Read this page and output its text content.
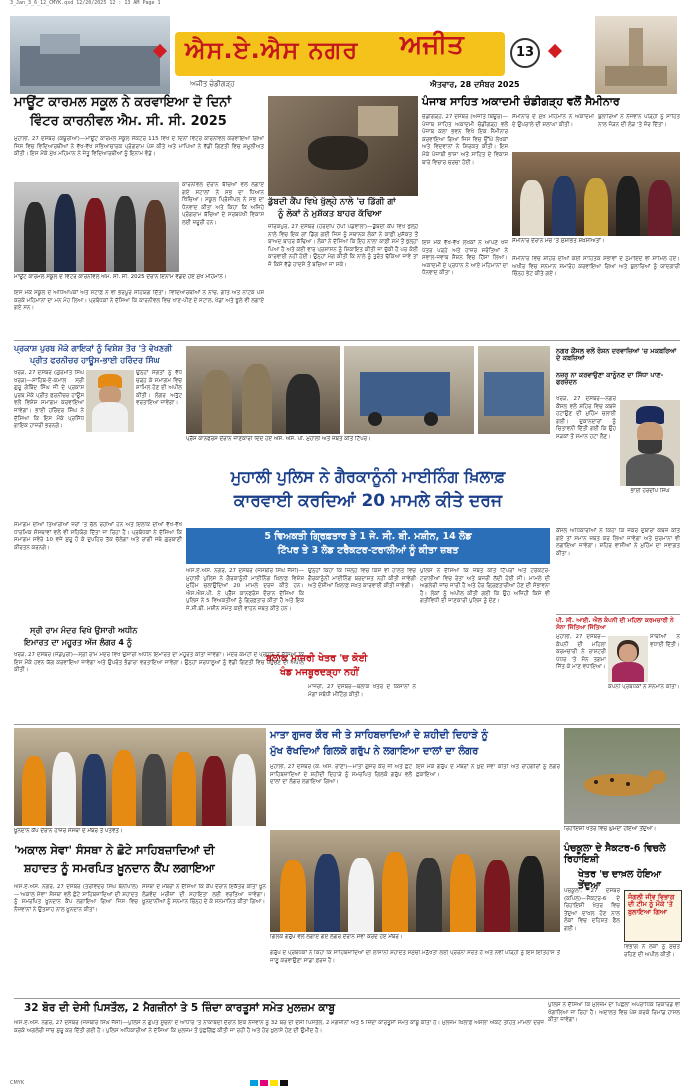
3_Jan_3_6_12_CMYK.qxd 12/20/2025 12 : 13 AM Page 1
ਐਸ.ਏ.ਐਸ ਨਗਰ ਅਜੀਤ	13
ਅਜੀਤ ਚੰਡੀਗੜ੍ਹ	ਐਤਵਾਰ, 28 ਦਸੰਬਰ 2025
ਮਾਊਂਟ ਕਾਰਮਲ ਸਕੂਲ ਨੇ ਕਰਵਾਇਆ ਦੋ ਦਿਨਾਂ
ਵਿੰਟਰ ਕਾਰਨੀਵਲ ਐਮ. ਸੀ. ਸੀ. 2025
ਮੁਹਾਲੀ, 27 ਦਸੰਬਰ (ਕਥੂਰੀਆ)—ਮਾਊਂਟ ਕਾਰਮਲ ਸਕੂਲ ਸੈਕਟਰ 115 ਵਿਖੇ ਦੋ ਦਿਨਾਂ ਵਿੰਟਰ ਕਾਰਨੀਵਲ ਕਰਵਾਇਆ ਗਿਆ ਜਿਸ ਵਿਚ ਵਿਦਿਆਰਥੀਆਂ ਨੇ ਵੱਖ-ਵੱਖ ਸਭਿਆਚਾਰਕ ਪ੍ਰੋਗਰਾਮ ਪੇਸ਼ ਕੀਤੇ ਅਤੇ ਮਾਪਿਆਂ ਨੇ ਵੱਡੀ ਗਿਣਤੀ ਵਿਚ ਸ਼ਮੂਲੀਅਤ ਕੀਤੀ। ਇਸ ਮੌਕੇ ਮੁੱਖ ਮਹਿਮਾਨ ਨੇ ਜੇਤੂ ਵਿਦਿਆਰਥੀਆਂ ਨੂੰ ਇਨਾਮ ਵੰਡੇ।
ਕਾਰਨੀਵਲ ਦੌਰਾਨ ਬੱਚਿਆਂ ਵਲੋਂ ਲਗਾਏ ਗਏ ਸਟਾਲਾਂ ਨੇ ਸਭ ਦਾ ਧਿਆਨ ਖਿੱਚਿਆ। ਸਕੂਲ ਪ੍ਰਿੰਸੀਪਲ ਨੇ ਸਭ ਦਾ ਧੰਨਵਾਦ ਕੀਤਾ ਅਤੇ ਕਿਹਾ ਕਿ ਅਜਿਹੇ ਪ੍ਰੋਗਰਾਮ ਬੱਚਿਆਂ ਦੇ ਸਰਬਪੱਖੀ ਵਿਕਾਸ ਲਈ ਜ਼ਰੂਰੀ ਹਨ।
ਮਾਊਂਟ ਕਾਰਮਲ ਸਕੂਲ ਦੇ ਵਿੰਟਰ ਕਾਰਨੀਵਲ ਐਮ. ਸੀ. ਸੀ. 2025 ਦੌਰਾਨ ਇਨਾਮ ਵੰਡਦੇ ਹੋਏ ਮੁੱਖ ਮਹਿਮਾਨ।
ਇਸ ਮੌਕੇ ਸਕੂਲ ਦੇ ਅਧਿਆਪਕਾਂ ਅਤੇ ਸਟਾਫ਼ ਨੇ ਵੀ ਭਰਪੂਰ ਸਹਿਯੋਗ ਦਿੱਤਾ। ਵਿਦਿਆਰਥੀਆਂ ਨੇ ਨਾਚ, ਗੀਤ ਅਤੇ ਨਾਟਕ ਪੇਸ਼ ਕਰਕੇ ਮਹਿਮਾਨਾਂ ਦਾ ਮਨ ਮੋਹ ਲਿਆ। ਪ੍ਰਬੰਧਕਾਂ ਨੇ ਦੱਸਿਆ ਕਿ ਕਾਰਨੀਵਲ ਵਿਚ ਖਾਣ-ਪੀਣ ਦੇ ਸਟਾਲ, ਖੇਡਾਂ ਅਤੇ ਝੂਲੇ ਵੀ ਲਗਾਏ ਗਏ ਸਨ।
ਡੁੱਬਦੀ ਕੈਂਪ ਵਿਖੇ ਖੁੱਲ੍ਹੇ ਨਾਲੇ 'ਚ ਡਿੱਗੀ ਗਾਂ
ਨੂੰ ਲੋਕਾਂ ਨੇ ਮੁਸ਼ੱਕਤ ਬਾਹਰ ਕੱਢਿਆ
ਜ਼ੀਰਕਪੁਰ, 27 ਦਸੰਬਰ (ਹਰਦੀਪ ਹੈਪੀ ਪੰਡਵਾਲਾ)—ਡੁੱਬਦੀ ਕੈਂਪ ਵਿਖੇ ਖੁੱਲ੍ਹੇ ਨਾਲੇ ਵਿਚ ਇਕ ਗਾਂ ਡਿੱਗ ਗਈ ਜਿਸ ਨੂੰ ਸਥਾਨਕ ਲੋਕਾਂ ਨੇ ਕਾਫ਼ੀ ਮੁਸ਼ੱਕਤ ਤੋਂ ਬਾਅਦ ਬਾਹਰ ਕੱਢਿਆ। ਲੋਕਾਂ ਨੇ ਦੱਸਿਆ ਕਿ ਇਹ ਨਾਲਾ ਕਾਫ਼ੀ ਸਮੇਂ ਤੋਂ ਖੁੱਲ੍ਹਾ ਪਿਆ ਹੈ ਅਤੇ ਕਈ ਵਾਰ ਪ੍ਰਸ਼ਾਸਨ ਨੂੰ ਸ਼ਿਕਾਇਤ ਕੀਤੀ ਜਾ ਚੁੱਕੀ ਹੈ ਪਰ ਕੋਈ ਕਾਰਵਾਈ ਨਹੀਂ ਹੋਈ। ਉਨ੍ਹਾਂ ਮੰਗ ਕੀਤੀ ਕਿ ਨਾਲੇ ਨੂੰ ਤੁਰੰਤ ਢੱਕਿਆ ਜਾਵੇ ਤਾਂ ਜੋ ਕਿਸੇ ਵੱਡੇ ਹਾਦਸੇ ਤੋਂ ਬਚਿਆ ਜਾ ਸਕੇ।
ਪੰਜਾਬ ਸਾਹਿਤ ਅਕਾਦਮੀ ਚੰਡੀਗੜ੍ਹ ਵਲੋਂ ਸੈਮੀਨਾਰ
ਚੰਡੀਗੜ੍ਹ, 27 ਦਸੰਬਰ (ਅਜੀਤ ਬਿਊਰੋ)—ਪੰਜਾਬ ਸਾਹਿਤ ਅਕਾਦਮੀ ਚੰਡੀਗੜ੍ਹ ਵਲੋਂ ਪੰਜਾਬ ਕਲਾ ਭਵਨ ਵਿਖੇ ਇਕ ਸੈਮੀਨਾਰ ਕਰਵਾਇਆ ਗਿਆ ਜਿਸ ਵਿਚ ਉੱਘੇ ਲੇਖਕਾਂ ਅਤੇ ਵਿਦਵਾਨਾਂ ਨੇ ਸ਼ਿਰਕਤ ਕੀਤੀ। ਇਸ ਮੌਕੇ ਪੰਜਾਬੀ ਭਾਸ਼ਾ ਅਤੇ ਸਾਹਿਤ ਦੇ ਵਿਕਾਸ ਬਾਰੇ ਵਿਚਾਰ ਚਰਚਾ ਹੋਈ।
ਸੈਮੀਨਾਰ ਦੇ ਮੁੱਖ ਮਹਿਮਾਨ ਨੇ ਅਕਾਦਮੀ ਦੇ ਉਪਰਾਲੇ ਦੀ ਸ਼ਲਾਘਾ ਕੀਤੀ।
ਬੁਲਾਰਿਆਂ ਨੇ ਨੌਜਵਾਨ ਪੀੜ੍ਹੀ ਨੂੰ ਸਾਹਿਤ ਨਾਲ ਜੋੜਨ ਦੀ ਲੋੜ 'ਤੇ ਜ਼ੋਰ ਦਿੱਤਾ।
ਸੈਮੀਨਾਰ ਦੌਰਾਨ ਮੰਚ 'ਤੇ ਸੁਸ਼ੋਭਿਤ ਸ਼ਖ਼ਸੀਅਤਾਂ।
ਇਸ ਮੌਕੇ ਵੱਖ-ਵੱਖ ਲੇਖਕਾਂ ਨੇ ਆਪਣੇ ਖੋਜ ਪੱਤਰ ਪੜ੍ਹੇ ਅਤੇ ਹਾਜ਼ਰ ਸਰੋਤਿਆਂ ਨੇ ਸਵਾਲ-ਜਵਾਬ ਸੈਸ਼ਨ ਵਿਚ ਹਿੱਸਾ ਲਿਆ। ਅਕਾਦਮੀ ਦੇ ਪ੍ਰਧਾਨ ਨੇ ਆਏ ਮਹਿਮਾਨਾਂ ਦਾ ਧੰਨਵਾਦ ਕੀਤਾ।
ਸੈਮੀਨਾਰ ਵਿਚ ਸ਼ਹਿਰ ਦੀਆਂ ਕਈ ਸਾਹਿਤਕ ਸਭਾਵਾਂ ਦੇ ਨੁਮਾਇੰਦੇ ਵੀ ਸ਼ਾਮਿਲ ਹੋਏ। ਅਖੀਰ ਵਿਚ ਸਨਮਾਨ ਸਮਾਰੋਹ ਕਰਵਾਇਆ ਗਿਆ ਅਤੇ ਬੁਲਾਰਿਆਂ ਨੂੰ ਯਾਦਗਾਰੀ ਚਿੰਨ੍ਹ ਭੇਟ ਕੀਤੇ ਗਏ।
ਪ੍ਰਕਾਸ਼ ਪੁਰਬ ਮੌਕੇ ਗਾਇਕਾਂ ਨੂੰ ਵਿਸ਼ੇਸ਼ ਤੌਰ 'ਤੇ ਵੇਖਣਗੀ
ਪ੍ਰੀਤ ਫਰਨੀਚਰ ਹਾਊਸ-ਭਾਈ ਹਰਿੰਦਰ ਸਿੰਘ
ਖਰੜ, 27 ਦਸੰਬਰ (ਗੁਰਮੀਤ ਸਿੰਘ ਖਰੜ)—ਸਾਹਿਬ-ਏ-ਕਮਾਲ ਸ੍ਰੀ ਗੁਰੂ ਗੋਬਿੰਦ ਸਿੰਘ ਜੀ ਦੇ ਪ੍ਰਕਾਸ਼ ਪੁਰਬ ਮੌਕੇ ਪ੍ਰੀਤ ਫਰਨੀਚਰ ਹਾਊਸ ਵਲੋਂ ਵਿਸ਼ੇਸ਼ ਸਮਾਗਮ ਕਰਵਾਇਆ ਜਾਵੇਗਾ। ਭਾਈ ਹਰਿੰਦਰ ਸਿੰਘ ਨੇ ਦੱਸਿਆ ਕਿ ਇਸ ਮੌਕੇ ਪ੍ਰਸਿੱਧ ਗਾਇਕ ਹਾਜ਼ਰੀ ਭਰਨਗੇ।
ਉਨ੍ਹਾਂ ਸੰਗਤਾਂ ਨੂੰ ਵੱਧ ਚੜ੍ਹ ਕੇ ਸਮਾਗਮ ਵਿਚ ਸ਼ਾਮਿਲ ਹੋਣ ਦੀ ਅਪੀਲ ਕੀਤੀ। ਲੰਗਰ ਅਤੁੱਟ ਵਰਤਾਇਆ ਜਾਵੇਗਾ।
ਸਮਾਗਮ ਦੀਆਂ ਤਿਆਰੀਆਂ ਜ਼ੋਰਾਂ 'ਤੇ ਚੱਲ ਰਹੀਆਂ ਹਨ ਅਤੇ ਇਲਾਕੇ ਦੀਆਂ ਵੱਖ-ਵੱਖ ਧਾਰਮਿਕ ਸੰਸਥਾਵਾਂ ਵਲੋਂ ਵੀ ਸਹਿਯੋਗ ਦਿੱਤਾ ਜਾ ਰਿਹਾ ਹੈ। ਪ੍ਰਬੰਧਕਾਂ ਨੇ ਦੱਸਿਆ ਕਿ ਸਮਾਗਮ ਸਵੇਰੇ 10 ਵਜੇ ਸ਼ੁਰੂ ਹੋ ਕੇ ਦੁਪਹਿਰ ਤੱਕ ਚੱਲੇਗਾ ਅਤੇ ਰਾਗੀ ਜਥੇ ਗੁਰਬਾਣੀ ਕੀਰਤਨ ਕਰਨਗੇ।
ਪ੍ਰੈੱਸ ਕਾਨਫਰੰਸ ਦੌਰਾਨ ਜਾਣਕਾਰੀ ਦਿੰਦੇ ਹੋਏ ਐਸ. ਐਸ. ਪੀ. ਮੁਹਾਲੀ ਅਤੇ ਜ਼ਬਤ ਕੀਤੇ ਟਿੱਪਰ।
ਮੁਹਾਲੀ ਪੁਲਿਸ ਨੇ ਗੈਰਕਾਨੂੰਨੀ ਮਾਈਨਿੰਗ ਖ਼ਿਲਾਫ਼
ਕਾਰਵਾਈ ਕਰਦਿਆਂ 20 ਮਾਮਲੇ ਕੀਤੇ ਦਰਜ
5 ਵਿਅਕਤੀ ਗ੍ਰਿਫ਼ਤਾਰ ਤੇ 1 ਜੇ. ਸੀ. ਬੀ. ਮਸ਼ੀਨ, 14 ਲੋਡ
ਟਿੱਪਰ ਤੇ 3 ਲੋਡ ਟਰੈਕਟਰ-ਟਰਾਲੀਆਂ ਨੂੰ ਕੀਤਾ ਜ਼ਬਤ
ਐਸ.ਏ.ਐਸ. ਨਗਰ, 27 ਦਸੰਬਰ (ਜਸਬੀਰ ਸਿੰਘ ਜੱਸੀ)—ਮੁਹਾਲੀ ਪੁਲਿਸ ਨੇ ਗੈਰਕਾਨੂੰਨੀ ਮਾਈਨਿੰਗ ਖ਼ਿਲਾਫ਼ ਵਿਸ਼ੇਸ਼ ਮੁਹਿੰਮ ਚਲਾਉਂਦਿਆਂ 20 ਮਾਮਲੇ ਦਰਜ ਕੀਤੇ ਹਨ। ਐਸ.ਐਸ.ਪੀ. ਨੇ ਪ੍ਰੈੱਸ ਕਾਨਫਰੰਸ ਦੌਰਾਨ ਦੱਸਿਆ ਕਿ ਪੁਲਿਸ ਨੇ 5 ਵਿਅਕਤੀਆਂ ਨੂੰ ਗ੍ਰਿਫ਼ਤਾਰ ਕੀਤਾ ਹੈ ਅਤੇ ਇਕ ਜੇ.ਸੀ.ਬੀ. ਮਸ਼ੀਨ ਸਮੇਤ ਕਈ ਵਾਹਨ ਜ਼ਬਤ ਕੀਤੇ ਹਨ।
ਉਨ੍ਹਾਂ ਕਿਹਾ ਕਿ ਜ਼ਿਲ੍ਹੇ ਵਿਚ ਕਿਸੇ ਵੀ ਹਾਲਤ ਵਿਚ ਗੈਰਕਾਨੂੰਨੀ ਮਾਈਨਿੰਗ ਬਰਦਾਸ਼ਤ ਨਹੀਂ ਕੀਤੀ ਜਾਵੇਗੀ ਅਤੇ ਦੋਸ਼ੀਆਂ ਖ਼ਿਲਾਫ਼ ਸਖ਼ਤ ਕਾਰਵਾਈ ਕੀਤੀ ਜਾਵੇਗੀ।
ਪੁਲਿਸ ਨੇ ਦੱਸਿਆ ਕਿ ਜ਼ਬਤ ਕੀਤੇ ਟਿੱਪਰਾਂ ਅਤੇ ਟਰੈਕਟਰ-ਟਰਾਲੀਆਂ ਵਿਚ ਰੇਤਾ ਅਤੇ ਬਜਰੀ ਲੱਦੀ ਹੋਈ ਸੀ। ਮਾਮਲੇ ਦੀ ਅਗਲੇਰੀ ਜਾਂਚ ਜਾਰੀ ਹੈ ਅਤੇ ਹੋਰ ਗ੍ਰਿਫ਼ਤਾਰੀਆਂ ਹੋਣ ਦੀ ਸੰਭਾਵਨਾ ਹੈ। ਲੋਕਾਂ ਨੂੰ ਅਪੀਲ ਕੀਤੀ ਗਈ ਕਿ ਉਹ ਅਜਿਹੀ ਕਿਸੇ ਵੀ ਗਤੀਵਿਧੀ ਦੀ ਜਾਣਕਾਰੀ ਪੁਲਿਸ ਨੂੰ ਦੇਣ।
ਬਲਾਕ ਮਾਜਰੀ ਖੇਤਰ 'ਚ ਕੋਈ
ਖੰਡ ਮਜਬੂਰਦੜ੍ਹਾ ਨਹੀਂ
ਮਾਜਰੀ, 27 ਦਸੰਬਰ—ਬਲਾਕ ਖੇਤਰ ਦੇ ਕਿਸਾਨਾਂ ਨੇ ਮੰਗਾਂ ਸਬੰਧੀ ਮੀਟਿੰਗ ਕੀਤੀ।
ਸ੍ਰੀ ਰਾਮ ਮੰਦਰ ਵਿਖੇ ਉਸਾਰੀ ਅਧੀਨ
ਇਮਾਰਤ ਦਾ ਮਹੂਰਤ ਅੱਜ ਲੰਗਰ 4 ਨੂੰ
ਖਰੜ, 27 ਦਸੰਬਰ (ਜੰਡਪੁਰੀ)—ਸ੍ਰੀ ਰਾਮ ਮੰਦਰ ਵਿਖੇ ਉਸਾਰੀ ਅਧੀਨ ਇਮਾਰਤ ਦਾ ਮਹੂਰਤ ਕੀਤਾ ਜਾਵੇਗਾ। ਮੰਦਰ ਕਮੇਟੀ ਦੇ ਪ੍ਰਧਾਨ ਨੇ ਦੱਸਿਆ ਕਿ ਇਸ ਮੌਕੇ ਹਵਨ ਯੱਗ ਕਰਵਾਇਆ ਜਾਵੇਗਾ ਅਤੇ ਉਪਰੰਤ ਭੰਡਾਰਾ ਵਰਤਾਇਆ ਜਾਵੇਗਾ। ਉਨ੍ਹਾਂ ਸ਼ਰਧਾਲੂਆਂ ਨੂੰ ਵੱਡੀ ਗਿਣਤੀ ਵਿਚ ਪਹੁੰਚਣ ਦੀ ਅਪੀਲ ਕੀਤੀ।
ਨਗਰ ਕੌਂਸਲ ਵਲੋਂ ਰੋਸ਼ਨ ਦਰਵਾਜ਼ਿਆਂ 'ਚ ਮਕਬਰਿਆਂ ਦੇ ਕਬਜ਼ਿਆਂ
ਨਜ਼ਰ ਨਾ ਕਰਵਾਉਣਾ ਕਾਨੂੰਨਣ ਦਾ ਸਿੱਧਾ ਪਾਣ-ਫਰਜ਼ੰਦਨ
ਖਰੜ, 27 ਦਸੰਬਰ—ਨਗਰ ਕੌਂਸਲ ਵਲੋਂ ਸ਼ਹਿਰ ਵਿਚ ਕਬਜ਼ੇ ਹਟਾਉਣ ਦੀ ਮੁਹਿੰਮ ਚਲਾਈ ਗਈ। ਦੁਕਾਨਦਾਰਾਂ ਨੂੰ ਚਿਤਾਵਨੀ ਦਿੱਤੀ ਗਈ ਕਿ ਉਹ ਸੜਕਾਂ ਤੋਂ ਸਮਾਨ ਹਟਾ ਲੈਣ।
ਭਾਈ ਹਰਦੀਪ ਸਿੰਘ
ਕੌਂਸਲ ਅਧਿਕਾਰੀਆਂ ਨੇ ਕਿਹਾ ਕਿ ਜੇਕਰ ਦੁਬਾਰਾ ਕਬਜ਼ੇ ਕੀਤੇ ਗਏ ਤਾਂ ਸਮਾਨ ਜ਼ਬਤ ਕਰ ਲਿਆ ਜਾਵੇਗਾ ਅਤੇ ਜੁਰਮਾਨਾ ਵੀ ਲਗਾਇਆ ਜਾਵੇਗਾ। ਸ਼ਹਿਰ ਵਾਸੀਆਂ ਨੇ ਮੁਹਿੰਮ ਦਾ ਸਵਾਗਤ ਕੀਤਾ।
ਪੀ. ਸੀ. ਆਈ. ਐਲ ਕੰਪਨੀ ਦੀ ਮਹਿਲਾ ਕਰਮਚਾਰੀ ਨੇ ਸੋਨਾ ਜਿੱਤਿਆ ਜਿੱਤਿਆ
ਮੁਹਾਲੀ, 27 ਦਸੰਬਰ—ਕੰਪਨੀ ਦੀ ਮਹਿਲਾ ਕਰਮਚਾਰੀ ਨੇ ਰਾਸ਼ਟਰੀ ਪੱਧਰ 'ਤੇ ਸੋਨ ਤਗਮਾ ਜਿੱਤ ਕੇ ਮਾਣ ਵਧਾਇਆ।
ਸਾਥੀਆਂ ਨੇ ਵਧਾਈ ਦਿੱਤੀ।
ਕੰਪਨੀ ਪ੍ਰਬੰਧਕਾਂ ਨੇ ਸਨਮਾਨ ਕੀਤਾ।
ਮਾਤਾ ਗੁਜਰ ਕੌਰ ਜੀ ਤੇ ਸਾਹਿਬਜ਼ਾਦਿਆਂ ਦੇ ਸ਼ਹੀਦੀ ਦਿਹਾੜੇ ਨੂੰ
ਮੁੱਖ ਰੱਖਦਿਆਂ ਗਿਲਕੋ ਗਰੁੱਪ ਨੇ ਲਗਾਇਆ ਦਾਲਾਂ ਦਾ ਲੰਗਰ
ਮੁਹਾਲੀ, 27 ਦਸੰਬਰ (ਕੇ. ਐਸ. ਰਾਣਾ)—ਮਾਤਾ ਗੁਜਰ ਕੌਰ ਜੀ ਅਤੇ ਛੋਟੇ ਸਾਹਿਬਜ਼ਾਦਿਆਂ ਦੇ ਸ਼ਹੀਦੀ ਦਿਹਾੜੇ ਨੂੰ ਸਮਰਪਿਤ ਗਿਲਕੋ ਗਰੁੱਪ ਵਲੋਂ ਦਾਲਾਂ ਦਾ ਲੰਗਰ ਲਗਾਇਆ ਗਿਆ।
ਇਸ ਮੌਕੇ ਗਰੁੱਪ ਦੇ ਮੈਂਬਰਾਂ ਨੇ ਖ਼ੁਦ ਸੇਵਾ ਕੀਤੀ ਅਤੇ ਰਾਹਗੀਰਾਂ ਨੂੰ ਲੰਗਰ ਛਕਾਇਆ।
ਖ਼ੂਨਦਾਨ ਕੈਂਪ ਦੌਰਾਨ ਹਾਜ਼ਰ ਸੰਸਥਾ ਦੇ ਮੈਂਬਰ ਤੇ ਪਤਵੰਤੇ।
'ਅਕਾਲ ਸੇਵਾ' ਸੰਸਥਾ ਨੇ ਛੋਟੇ ਸਾਹਿਬਜ਼ਾਦਿਆਂ ਦੀ
ਸ਼ਹਾਦਤ ਨੂੰ ਸਮਰਪਿਤ ਖ਼ੂਨਦਾਨ ਕੈਂਪ ਲਗਾਇਆ
ਐਸ.ਏ.ਐਸ. ਨਗਰ, 27 ਦਸੰਬਰ (ਤਰਵਿੰਦਰ ਸਿੰਘ ਬੈਨੀਪਾਲ)—'ਅਕਾਲ ਸੇਵਾ' ਸੰਸਥਾ ਵਲੋਂ ਛੋਟੇ ਸਾਹਿਬਜ਼ਾਦਿਆਂ ਦੀ ਸ਼ਹਾਦਤ ਨੂੰ ਸਮਰਪਿਤ ਖ਼ੂਨਦਾਨ ਕੈਂਪ ਲਗਾਇਆ ਗਿਆ ਜਿਸ ਵਿਚ ਨੌਜਵਾਨਾਂ ਨੇ ਉਤਸ਼ਾਹ ਨਾਲ ਖ਼ੂਨਦਾਨ ਕੀਤਾ।
ਸੰਸਥਾ ਦੇ ਮੈਂਬਰਾਂ ਨੇ ਦੱਸਿਆ ਕਿ ਕੈਂਪ ਦੌਰਾਨ ਇਕੱਤਰ ਕੀਤਾ ਖ਼ੂਨ ਲੋੜਵੰਦ ਮਰੀਜ਼ਾਂ ਦੀ ਸਹਾਇਤਾ ਲਈ ਵਰਤਿਆ ਜਾਵੇਗਾ। ਖ਼ੂਨਦਾਨੀਆਂ ਨੂੰ ਸਨਮਾਨ ਚਿੰਨ੍ਹ ਦੇ ਕੇ ਸਨਮਾਨਿਤ ਕੀਤਾ ਗਿਆ।
ਗਿਲਕੋ ਗਰੁੱਪ ਵਲੋਂ ਲਗਾਏ ਗਏ ਲੰਗਰ ਦੌਰਾਨ ਸੇਵਾ ਕਰਦੇ ਹੋਏ ਮੈਂਬਰ।
ਗਰੁੱਪ ਦੇ ਪ੍ਰਬੰਧਕਾਂ ਨੇ ਕਿਹਾ ਕਿ ਸਾਹਿਬਜ਼ਾਦਿਆਂ ਦੀ ਲਾਸਾਨੀ ਸ਼ਹਾਦਤ ਸਮੁੱਚੀ ਮਨੁੱਖਤਾ ਲਈ ਪ੍ਰੇਰਨਾ ਸਰੋਤ ਹੈ ਅਤੇ ਨਵੀਂ ਪੀੜ੍ਹੀ ਨੂੰ ਇਸ ਇਤਿਹਾਸ ਤੋਂ ਜਾਣੂ ਕਰਵਾਉਣਾ ਸਾਡਾ ਫ਼ਰਜ਼ ਹੈ।
ਰਿਹਾਇਸ਼ੀ ਖੇਤਰ ਵਿਚ ਘੁੰਮਦਾ ਹੋਇਆ ਤੇਂਦੁਆ।
ਪੰਚਕੂਲਾ ਦੇ ਸੈਕਟਰ-6 ਵਿਚਲੇ ਰਿਹਾਇਸ਼ੀ
ਖੇਤਰ 'ਚ ਦਾਖ਼ਲ ਹੋਇਆ ਤੇਂਦੁਆ
ਪੰਚਕੂਲਾ, 27 ਦਸੰਬਰ (ਕਪਿਲ)—ਸੈਕਟਰ-6 ਦੇ ਰਿਹਾਇਸ਼ੀ ਖੇਤਰ ਵਿਚ ਤੇਂਦੁਆ ਦਾਖ਼ਲ ਹੋਣ ਨਾਲ ਲੋਕਾਂ ਵਿਚ ਦਹਿਸ਼ਤ ਫੈਲ ਗਈ।
ਜੰਗਲੀ ਜੀਵ ਵਿਭਾਗ ਦੀ ਟੀਮ ਨੂੰ ਮੌਕੇ 'ਤੇ ਬੁਲਾਇਆ ਗਿਆ
ਵਿਭਾਗ ਨੇ ਲੋਕਾਂ ਨੂੰ ਸੁਚੇਤ ਰਹਿਣ ਦੀ ਅਪੀਲ ਕੀਤੀ।
32 ਬੋਰ ਦੀ ਦੇਸੀ ਪਿਸਤੌਲ, 2 ਮੈਗਜ਼ੀਨਾਂ ਤੇ 5 ਜ਼ਿੰਦਾ ਕਾਰਤੂਸਾਂ ਸਮੇਤ ਮੁਲਜ਼ਮ ਕਾਬੂ
ਐਸ.ਏ.ਐਸ. ਨਗਰ, 27 ਦਸੰਬਰ (ਜਸਬੀਰ ਸਿੰਘ ਜੱਸੀ)—ਪੁਲਿਸ ਨੇ ਗੁਪਤ ਸੂਚਨਾ ਦੇ ਆਧਾਰ 'ਤੇ ਨਾਕਾਬੰਦੀ ਦੌਰਾਨ ਇਕ ਨੌਜਵਾਨ ਨੂੰ 32 ਬੋਰ ਦੀ ਦੇਸੀ ਪਿਸਤੌਲ, 2 ਮੈਗਜ਼ੀਨਾਂ ਅਤੇ 5 ਜ਼ਿੰਦਾ ਕਾਰਤੂਸਾਂ ਸਮੇਤ ਕਾਬੂ ਕੀਤਾ ਹੈ। ਮੁਲਜ਼ਮ ਖ਼ਿਲਾਫ਼ ਅਸਲਾ ਐਕਟ ਤਹਿਤ ਮਾਮਲਾ ਦਰਜ ਕਰਕੇ ਅਗਲੇਰੀ ਜਾਂਚ ਸ਼ੁਰੂ ਕਰ ਦਿੱਤੀ ਗਈ ਹੈ। ਪੁਲਿਸ ਅਧਿਕਾਰੀਆਂ ਨੇ ਦੱਸਿਆ ਕਿ ਮੁਲਜ਼ਮ ਤੋਂ ਪੁੱਛਗਿੱਛ ਕੀਤੀ ਜਾ ਰਹੀ ਹੈ ਅਤੇ ਹੋਰ ਖ਼ੁਲਾਸੇ ਹੋਣ ਦੀ ਉਮੀਦ ਹੈ।
ਪੁਲਿਸ ਨੇ ਦੱਸਿਆ ਕਿ ਮੁਲਜ਼ਮ ਦਾ ਪਿਛਲਾ ਅਪਰਾਧਿਕ ਰਿਕਾਰਡ ਵੀ ਖੰਗਾਲਿਆ ਜਾ ਰਿਹਾ ਹੈ। ਅਦਾਲਤ ਵਿਚ ਪੇਸ਼ ਕਰਕੇ ਰਿਮਾਂਡ ਹਾਸਲ ਕੀਤਾ ਜਾਵੇਗਾ।
CMYK
